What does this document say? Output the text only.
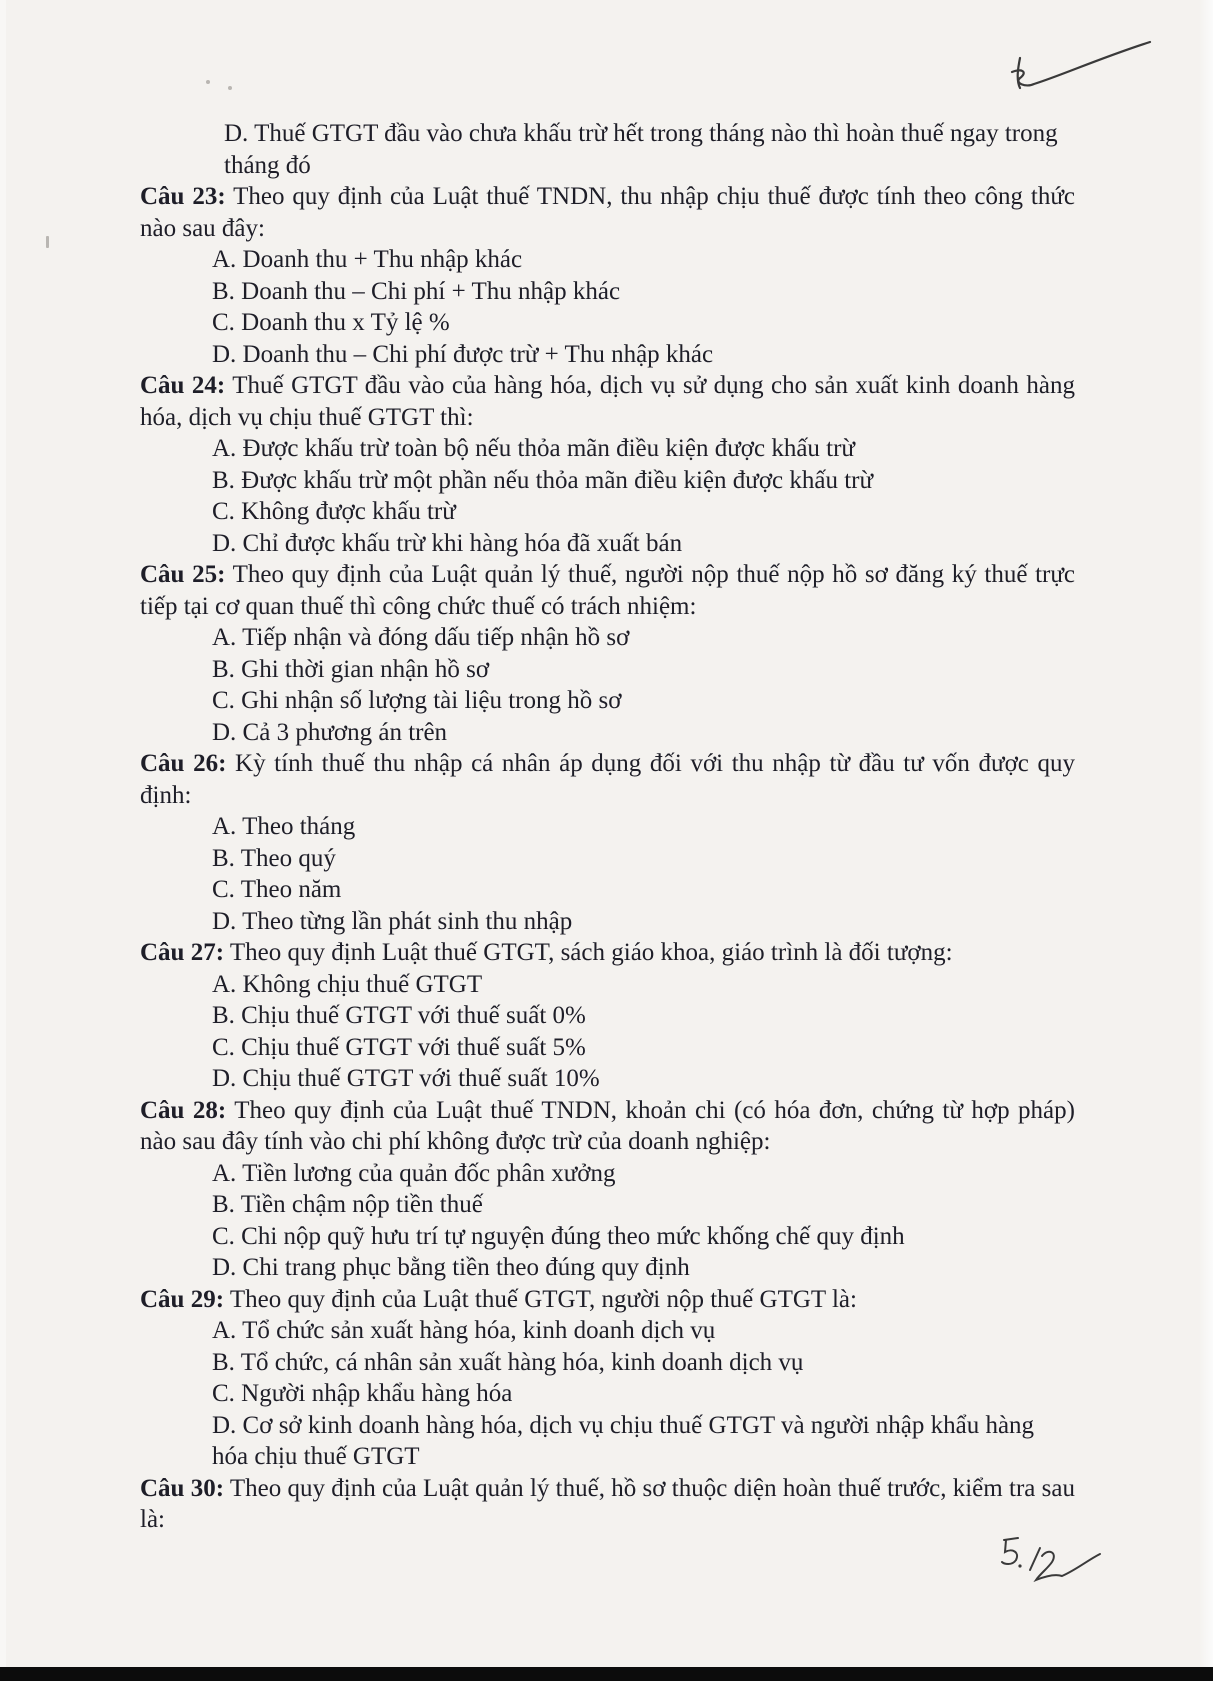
D. Thuế GTGT đầu vào chưa khấu trừ hết trong tháng nào thì hoàn thuế ngay trong tháng đó

Câu 23: Theo quy định của Luật thuế TNDN, thu nhập chịu thuế được tính theo công thức nào sau đây:

A. Doanh thu + Thu nhập khác

B. Doanh thu – Chi phí + Thu nhập khác

C. Doanh thu x Tỷ lệ %

D. Doanh thu – Chi phí được trừ + Thu nhập khác

Câu 24: Thuế GTGT đầu vào của hàng hóa, dịch vụ sử dụng cho sản xuất kinh doanh hàng hóa, dịch vụ chịu thuế GTGT thì:

A. Được khấu trừ toàn bộ nếu thỏa mãn điều kiện được khấu trừ

B. Được khấu trừ một phần nếu thỏa mãn điều kiện được khấu trừ

C. Không được khấu trừ

D. Chỉ được khấu trừ khi hàng hóa đã xuất bán

Câu 25: Theo quy định của Luật quản lý thuế, người nộp thuế nộp hồ sơ đăng ký thuế trực tiếp tại cơ quan thuế thì công chức thuế có trách nhiệm:

A. Tiếp nhận và đóng dấu tiếp nhận hồ sơ

B. Ghi thời gian nhận hồ sơ

C. Ghi nhận số lượng tài liệu trong hồ sơ

D. Cả 3 phương án trên

Câu 26: Kỳ tính thuế thu nhập cá nhân áp dụng đối với thu nhập từ đầu tư vốn được quy định:

A. Theo tháng

B. Theo quý

C. Theo năm

D. Theo từng lần phát sinh thu nhập

Câu 27: Theo quy định Luật thuế GTGT, sách giáo khoa, giáo trình là đối tượng:

A. Không chịu thuế GTGT

B. Chịu thuế GTGT với thuế suất 0%

C. Chịu thuế GTGT với thuế suất 5%

D. Chịu thuế GTGT với thuế suất 10%

Câu 28: Theo quy định của Luật thuế TNDN, khoản chi (có hóa đơn, chứng từ hợp pháp) nào sau đây tính vào chi phí không được trừ của doanh nghiệp:

A. Tiền lương của quản đốc phân xưởng

B. Tiền chậm nộp tiền thuế

C. Chi nộp quỹ hưu trí tự nguyện đúng theo mức khống chế quy định

D. Chi trang phục bằng tiền theo đúng quy định

Câu 29: Theo quy định của Luật thuế GTGT, người nộp thuế GTGT là:

A. Tổ chức sản xuất hàng hóa, kinh doanh dịch vụ

B. Tổ chức, cá nhân sản xuất hàng hóa, kinh doanh dịch vụ

C. Người nhập khẩu hàng hóa

D. Cơ sở kinh doanh hàng hóa, dịch vụ chịu thuế GTGT và người nhập khẩu hàng hóa chịu thuế GTGT

Câu 30: Theo quy định của Luật quản lý thuế, hồ sơ thuộc diện hoàn thuế trước, kiểm tra sau là:
